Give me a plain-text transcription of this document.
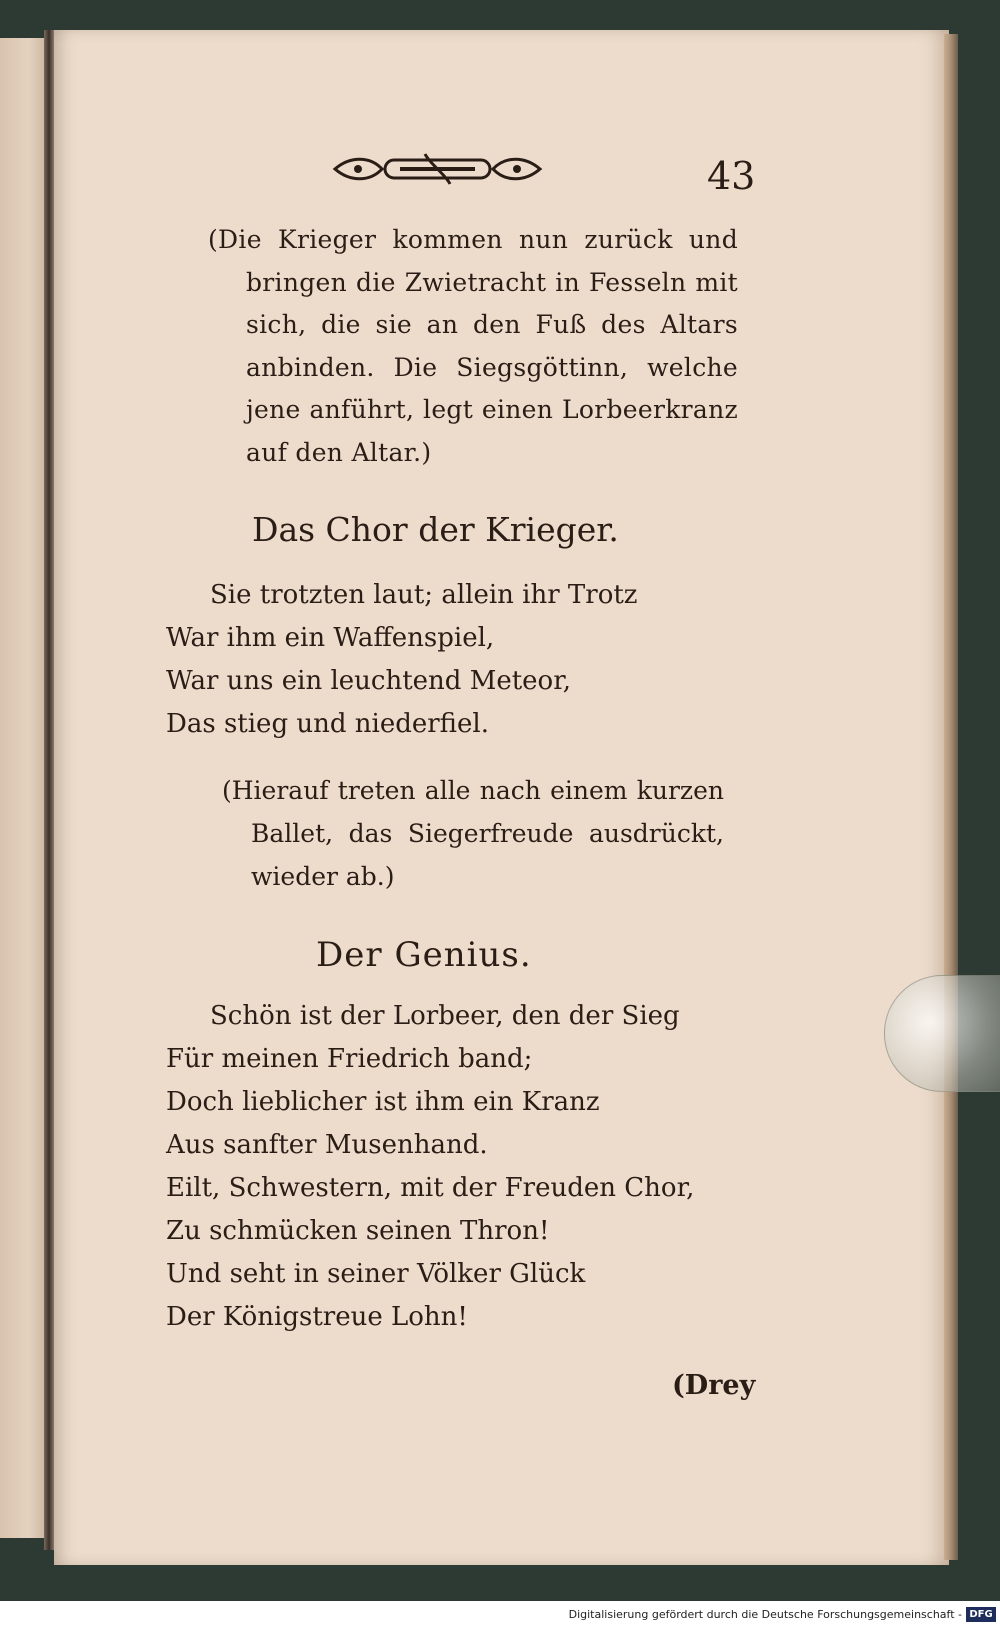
43
(Die Krieger kommen nun zurück und
bringen die Zwietracht in Fesseln mit
sich, die sie an den Fuß des Altars
anbinden. Die Siegsgöttinn, welche
jene anführt, legt einen Lorbeerkranz
auf den Altar.)
Das Chor der Krieger.
Sie trotzten laut; allein ihr Trotz
War ihm ein Waffenspiel,
War uns ein leuchtend Meteor,
Das stieg und niederfiel.
(Hierauf treten alle nach einem kurzen
Ballet, das Siegerfreude ausdrückt,
wieder ab.)
Der Genius.
Schön ist der Lorbeer, den der Sieg
Für meinen Friedrich band;
Doch lieblicher ist ihm ein Kranz
Aus sanfter Musenhand.
Eilt, Schwestern, mit der Freuden Chor,
Zu schmücken seinen Thron!
Und seht in seiner Völker Glück
Der Königstreue Lohn!
(Drey
Digitalisierung gefördert durch die Deutsche Forschungsgemeinschaft - DFG
